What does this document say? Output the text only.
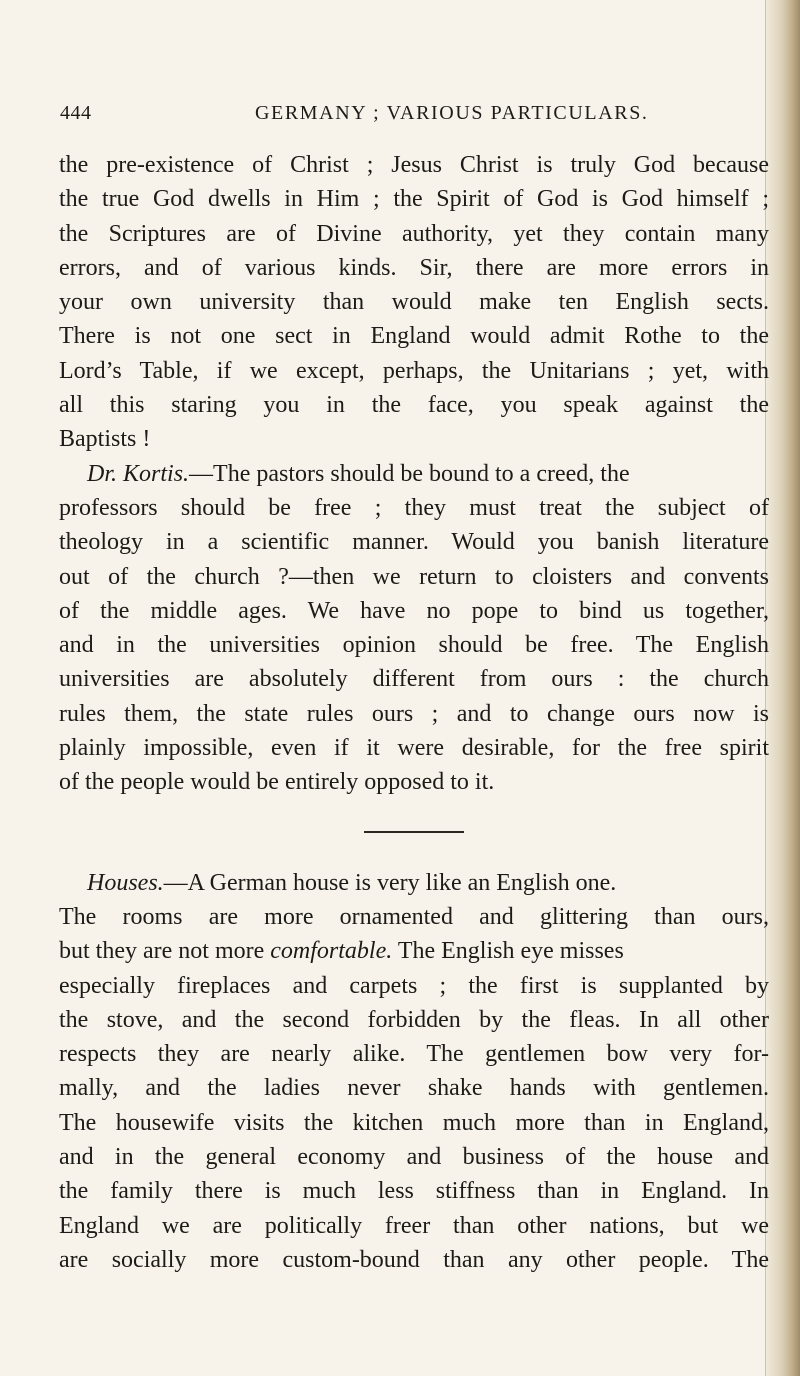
444	GERMANY ; VARIOUS PARTICULARS.
the pre-existence of Christ ; Jesus Christ is truly God because
the true God dwells in Him ; the Spirit of God is God himself ;
the Scriptures are of Divine authority, yet they contain many
errors, and of various kinds. Sir, there are more errors in
your own university than would make ten English sects.
There is not one sect in England would admit Rothe to the
Lord’s Table, if we except, perhaps, the Unitarians ; yet, with
all this staring you in the face, you speak against the
Baptists !
Dr. Kortis.—The pastors should be bound to a creed, the
professors should be free ; they must treat the subject of
theology in a scientific manner. Would you banish literature
out of the church ?—then we return to cloisters and convents
of the middle ages. We have no pope to bind us together,
and in the universities opinion should be free. The English
universities are absolutely different from ours : the church
rules them, the state rules ours ; and to change ours now is
plainly impossible, even if it were desirable, for the free spirit
of the people would be entirely opposed to it.
Houses.—A German house is very like an English one.
The rooms are more ornamented and glittering than ours,
but they are not more comfortable. The English eye misses
especially fireplaces and carpets ; the first is supplanted by
the stove, and the second forbidden by the fleas. In all other
respects they are nearly alike. The gentlemen bow very for-
mally, and the ladies never shake hands with gentlemen.
The housewife visits the kitchen much more than in England,
and in the general economy and business of the house and
the family there is much less stiffness than in England. In
England we are politically freer than other nations, but we
are socially more custom-bound than any other people. The
